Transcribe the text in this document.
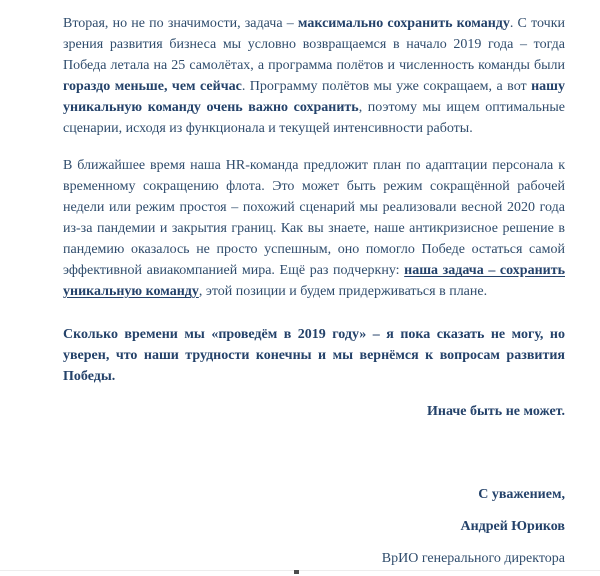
Вторая, но не по значимости, задача – максимально сохранить команду. С точки зрения развития бизнеса мы условно возвращаемся в начало 2019 года – тогда Победа летала на 25 самолётах, а программа полётов и численность команды были гораздо меньше, чем сейчас. Программу полётов мы уже сокращаем, а вот нашу уникальную команду очень важно сохранить, поэтому мы ищем оптимальные сценарии, исходя из функционала и текущей интенсивности работы.

В ближайшее время наша HR-команда предложит план по адаптации персонала к временному сокращению флота. Это может быть режим сокращённой рабочей недели или режим простоя – похожий сценарий мы реализовали весной 2020 года из-за пандемии и закрытия границ. Как вы знаете, наше антикризисное решение в пандемию оказалось не просто успешным, оно помогло Победе остаться самой эффективной авиакомпанией мира. Ещё раз подчеркну: наша задача – сохранить уникальную команду, этой позиции и будем придерживаться в плане.

Сколько времени мы «проведём в 2019 году» – я пока сказать не могу, но уверен, что наши трудности конечны и мы вернёмся к вопросам развития Победы.

Иначе быть не может.

С уважением,

Андрей Юриков

ВрИО генерального директора
